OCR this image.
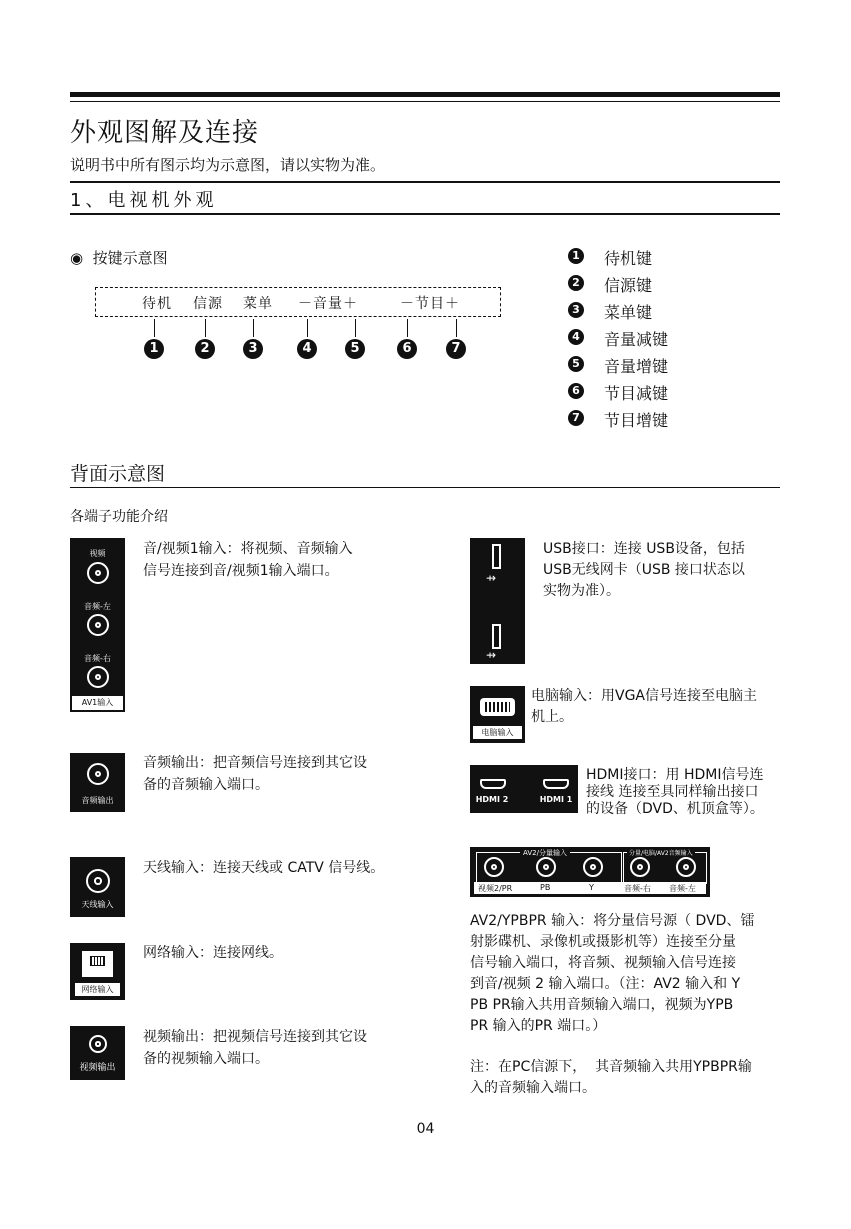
外观图解及连接
说明书中所有图示均为示意图，请以实物为准。
1、电视机外观
◉  按键示意图
待机 信源 菜单 －音量＋	－节目＋
1	2	3	4	5	6	7
1 待机键
2 信源键
3 菜单键
4 音量减键
5 音量增键
6 节目减键
7 节目增键
背面示意图
各端子功能介绍
视频
音频-左
音频-右
AV1输入
音/视频1输入：将视频、音频输入
信号连接到音/视频1输入端口。
音频输出
音频输出：把音频信号连接到其它设
备的音频输入端口。
天线输入
天线输入：连接天线或 CATV 信号线。
网络输入
网络输入：连接网线。
视频输出
视频输出：把视频信号连接到其它设
备的视频输入端口。
⇸
⇸
USB接口：连接 USB设备，包括
USB无线网卡（USB 接口状态以
实物为准）。
电脑输入
电脑输入：用VGA信号连接至电脑主
机上。
HDMI 2	HDMI 1
HDMI接口：用 HDMI信号连
接线 连接至具同样输出接口
的设备（DVD、机顶盒等）。
AV2/分量输入	分量/电脑/AV2音频输入
视频2/PR	PB	Y	音频-右 音频-左
AV2/YPBPR 输入：将分量信号源（ DVD、镭
射影碟机、录像机或摄影机等）连接至分量
信号输入端口，将音频、视频输入信号连接
到音/视频 2 输入端口。（注：AV2 输入和 Y
PB PR输入共用音频输入端口，视频为YPB
PR 输入的PR 端口。）
注：在PC信源下，  其音频输入共用YPBPR输
入的音频输入端口。
04
